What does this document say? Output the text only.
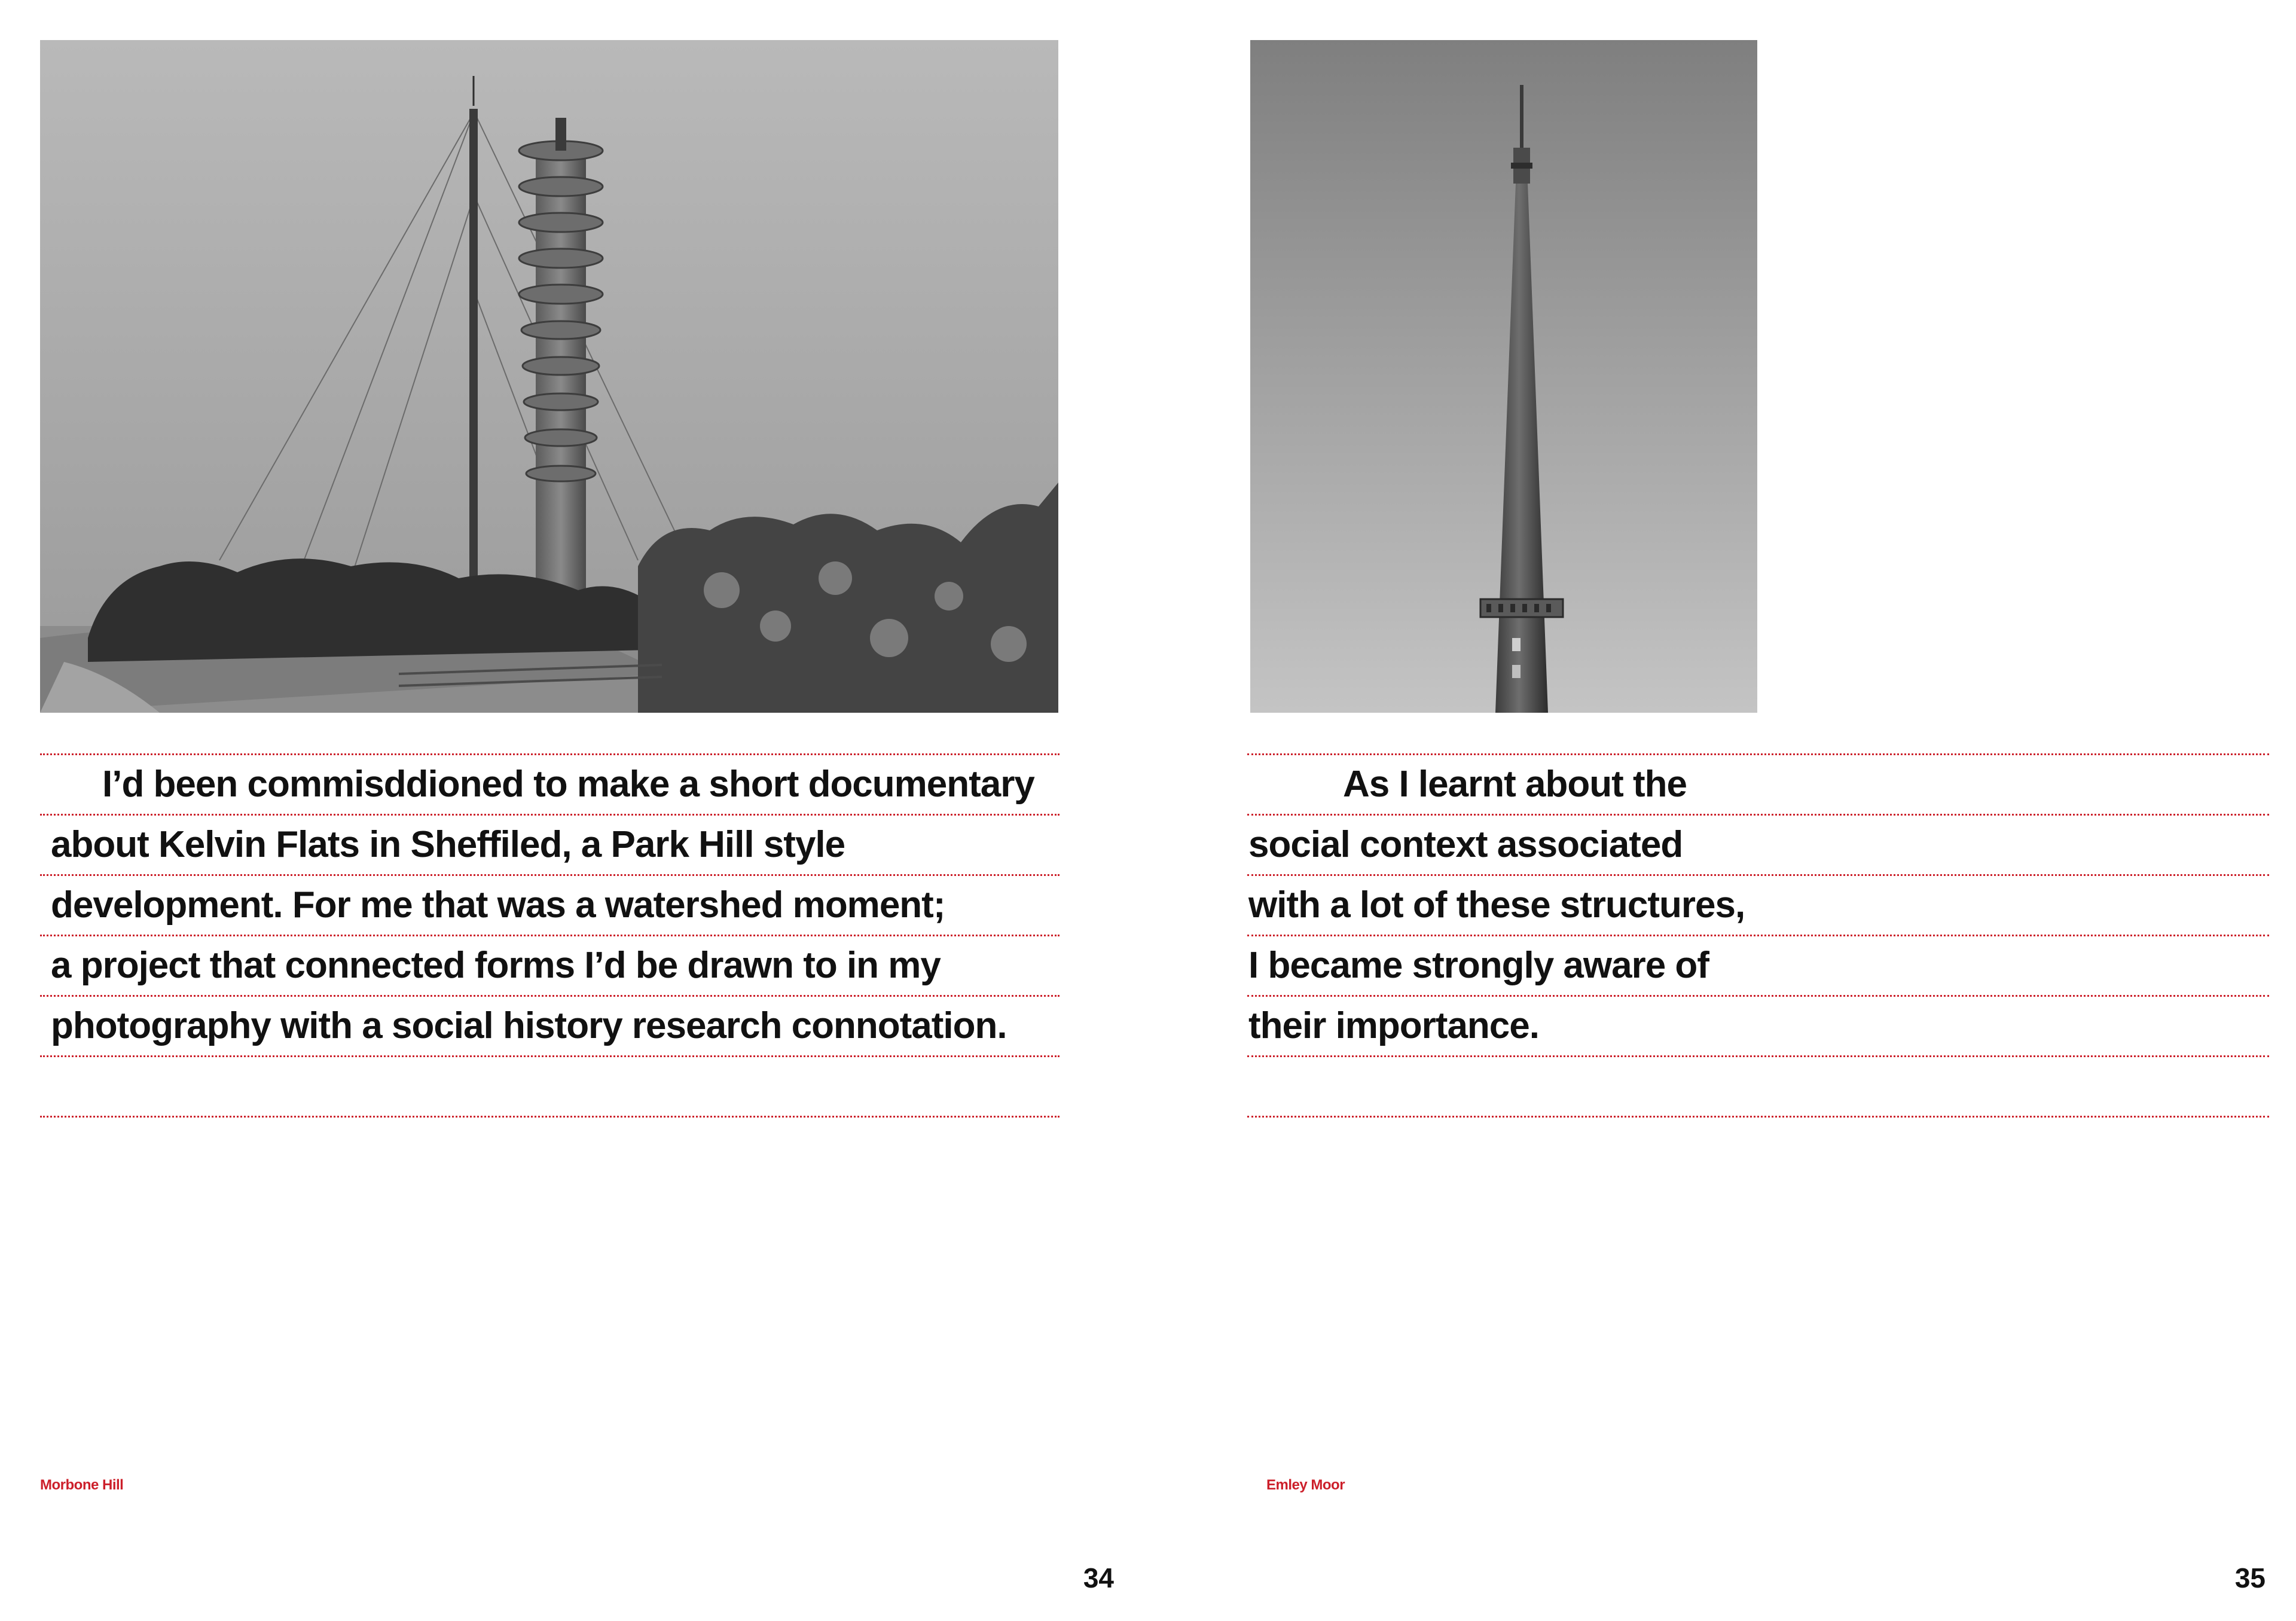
I’d been commisddioned to make a short documentary
about Kelvin Flats in Sheffiled, a Park Hill style
development. For me that was a watershed moment;
a project that connected forms I’d be drawn to in my
photography with a social history research connotation.
Morbone Hill
34
As I learnt about the
social context associated
with a lot of these structures,
I became strongly aware of
their importance.
Emley Moor
35
